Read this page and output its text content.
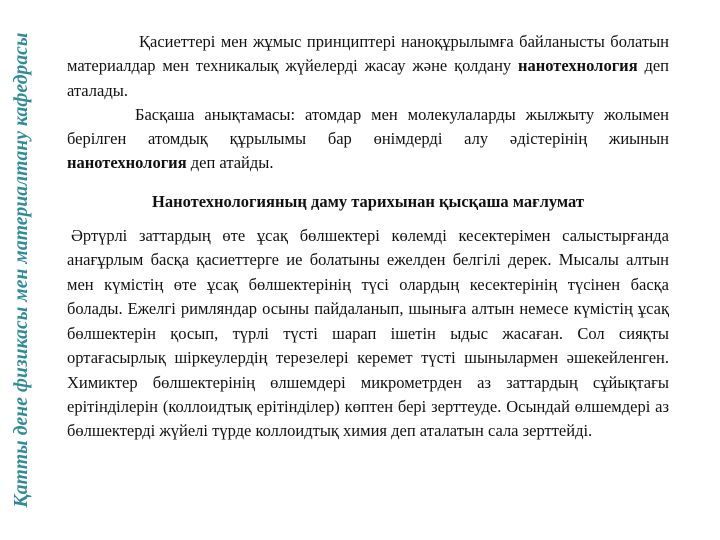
Қатты дене физикасы мен материалтану кафедрасы	Қасиеттері мен жұмыс принциптері наноқұрылымға байланысты болатын материалдар мен техникалық жүйелерді жасау және қолдану нанотехнология деп аталады.

Басқаша анықтамасы: атомдар мен молекулаларды жылжыту жолымен берілген атомдық құрылымы бар өнімдерді алу әдістерінің жиынын нанотехнология деп атайды.

Нанотехнологияның даму тарихынан қысқаша мағлумат

Әртүрлі заттардың өте ұсақ бөлшектері көлемді кесектерімен салыстырғанда анағұрлым басқа қасиеттерге ие болатыны ежелден белгілі дерек. Мысалы алтын мен күмістің өте ұсақ бөлшектерінің түсі олардың кесектерінің түсінен басқа болады. Ежелгі римляндар осыны пайдаланып, шыныға алтын немесе күмістің ұсақ бөлшектерін қосып, түрлі түсті шарап ішетін ыдыс жасаған. Сол сияқты ортағасырлық шіркеулердің терезелері керемет түсті шынылармен әшекейленген. Химиктер бөлшектерінің өлшемдері микрометрден аз заттардың сұйықтағы ерітінділерін (коллоидтық ерітінділер) көптен бері зерттеуде. Осындай өлшемдері аз бөлшектерді жүйелі түрде коллоидтық химия деп аталатын сала зерттейді.
